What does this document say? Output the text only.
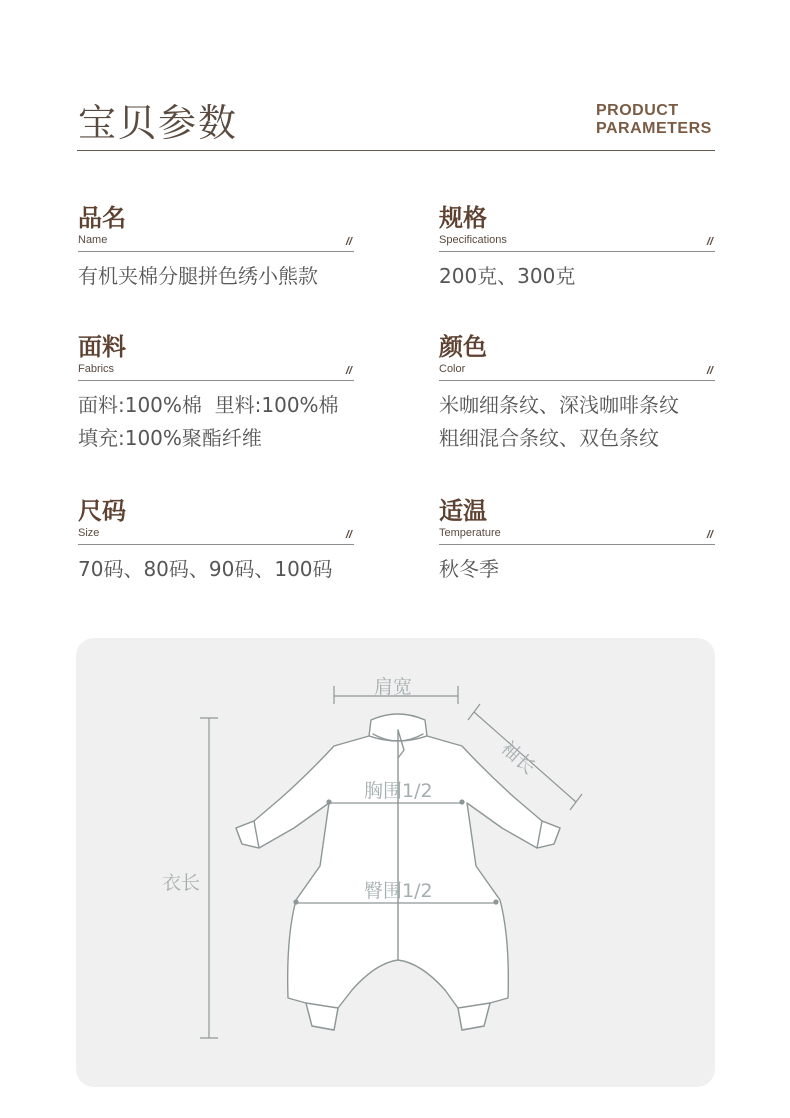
宝贝参数	PRODUCT
PARAMETERS
品名
Name	//
有机夹棉分腿拼色绣小熊款
规格
Specifications	//
200克、300克
面料
Fabrics	//
面料:100%棉  里料:100%棉
填充:100%聚酯纤维
颜色
Color	//
米咖细条纹、深浅咖啡条纹
粗细混合条纹、双色条纹
尺码
Size	//
70码、80码、90码、100码
适温
Temperature	//
秋冬季
肩宽
袖长
胸围1/2
臀围1/2
衣长
